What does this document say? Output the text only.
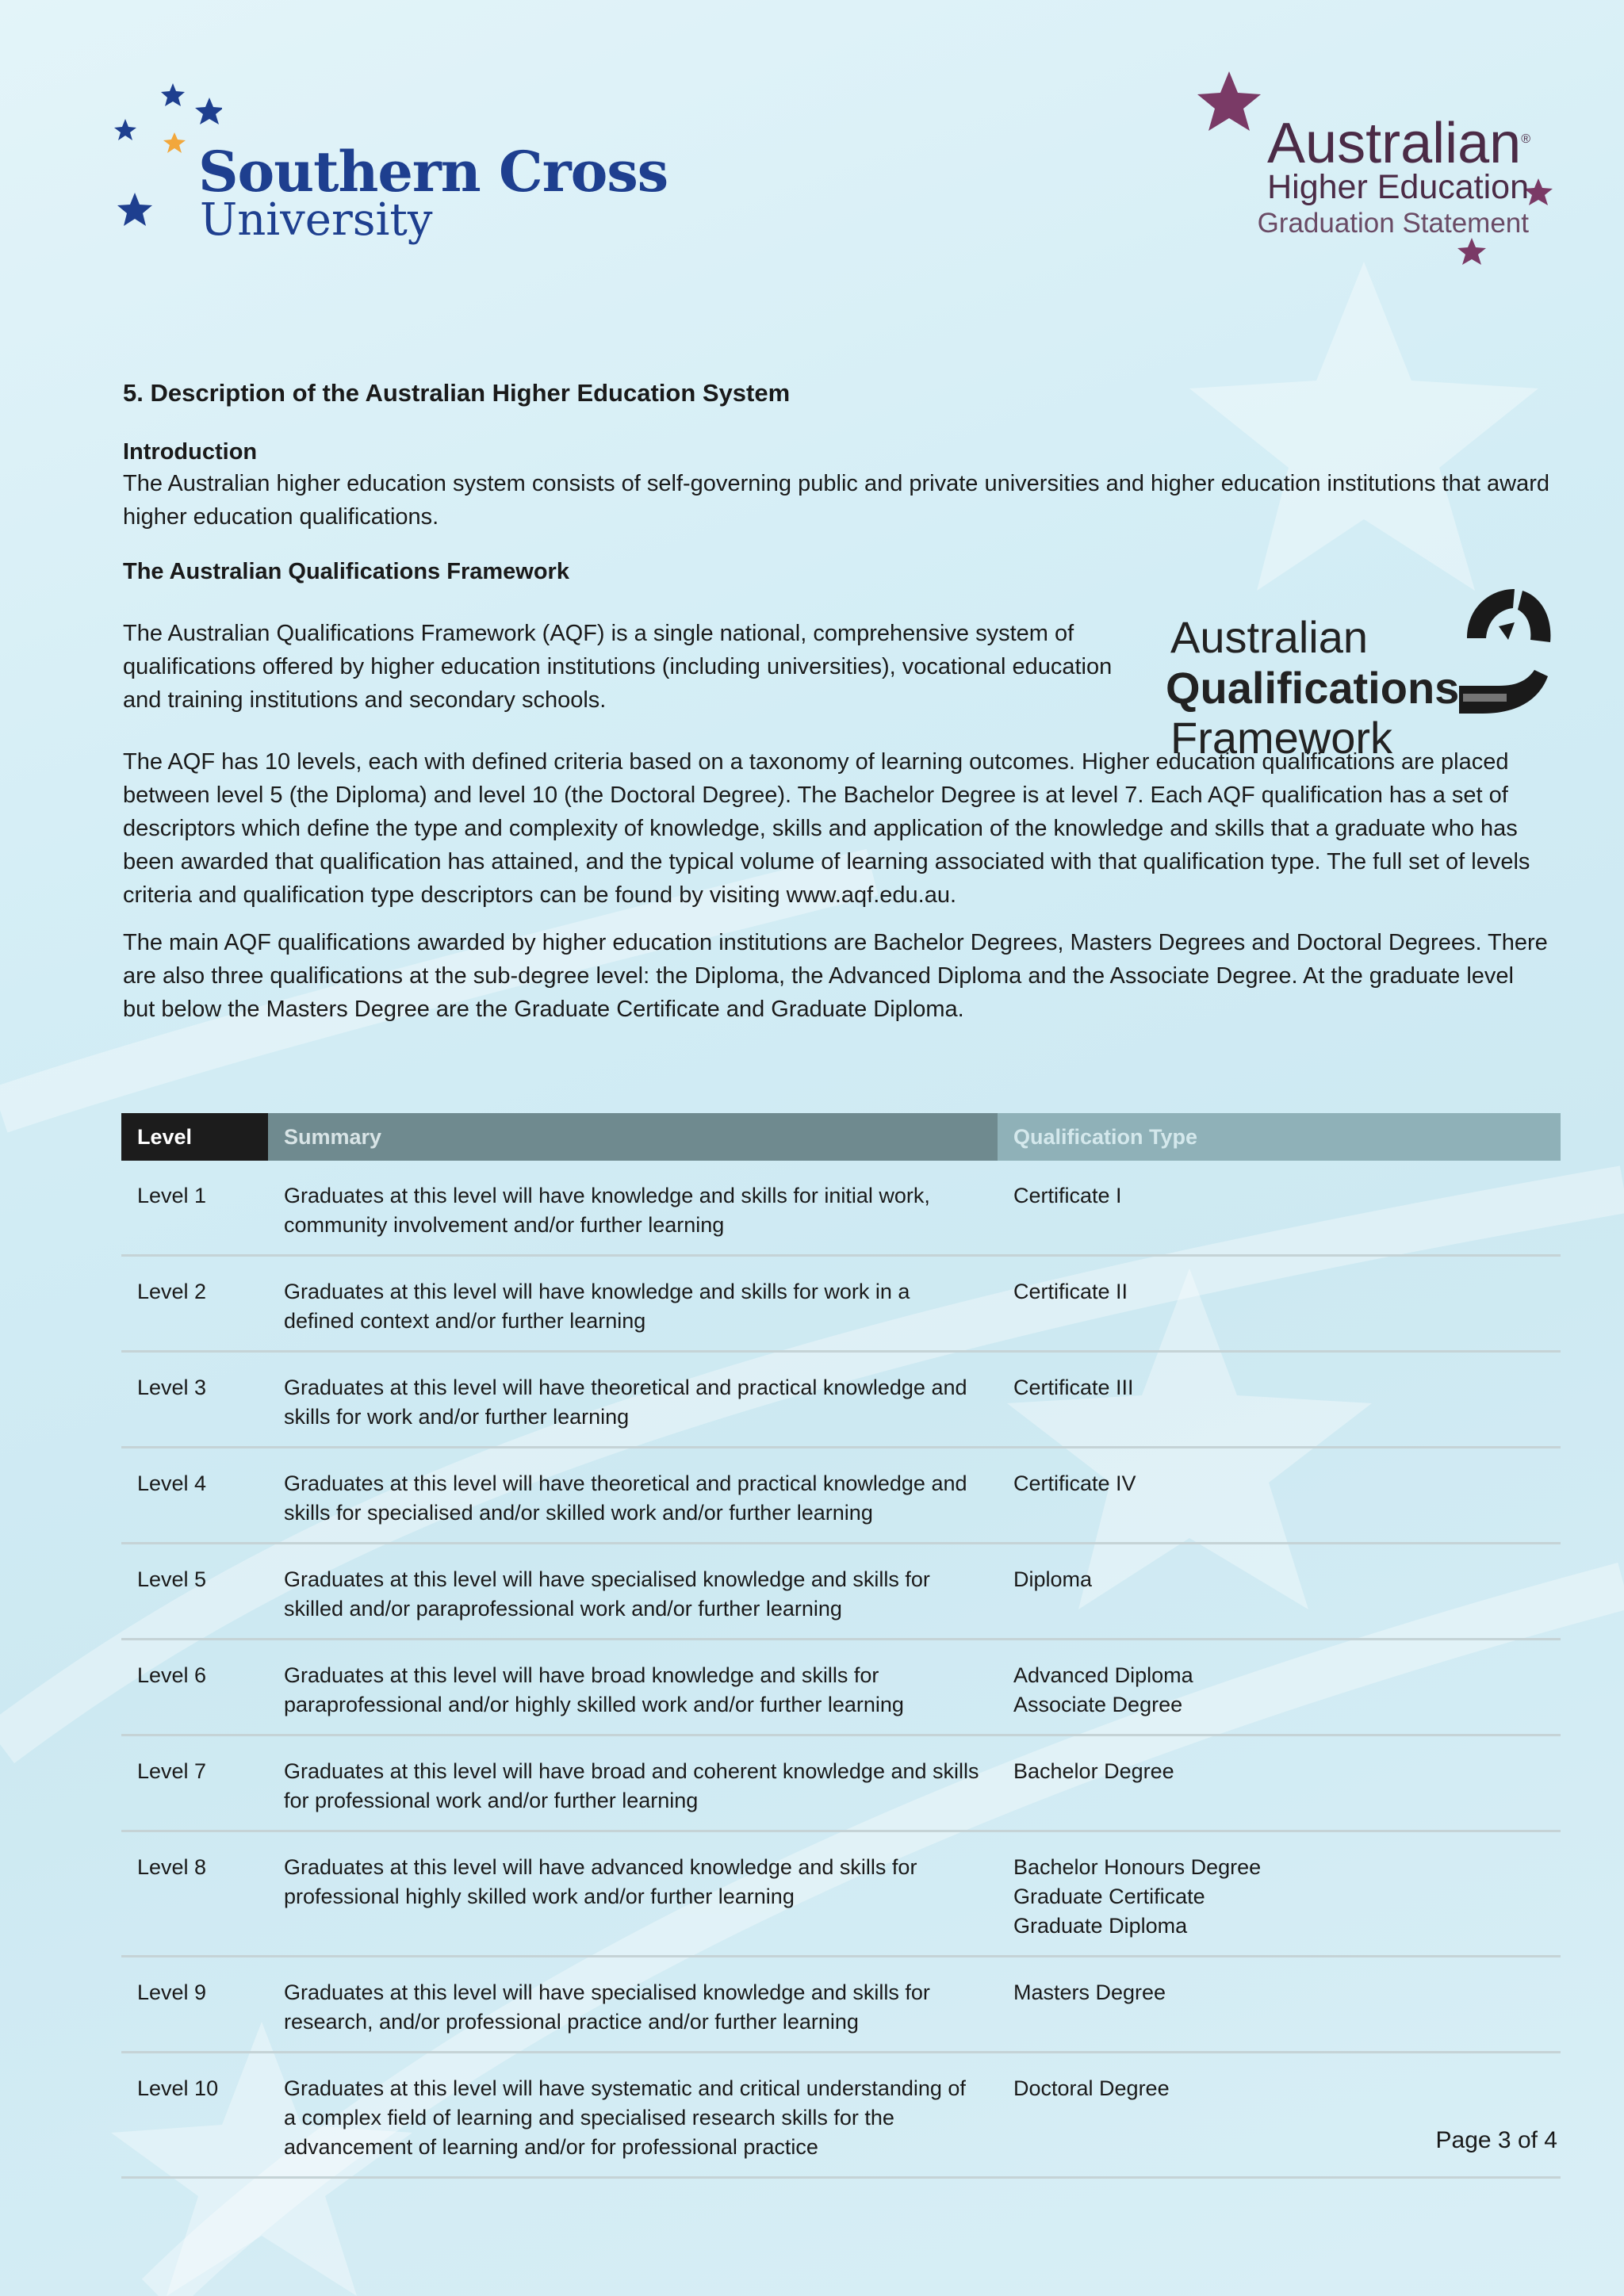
Southern Cross
University
Australian®
Higher Education
Graduation Statement
5. Description of the Australian Higher Education System
Introduction

The Australian higher education system consists of self-governing public and private universities and higher education institutions that award higher education qualifications.

The Australian Qualifications Framework

The Australian Qualifications Framework (AQF) is a single national, comprehensive system of qualifications offered by higher education institutions (including universities), vocational education and training institutions and secondary schools.

The AQF has 10 levels, each with defined criteria based on a taxonomy of learning outcomes. Higher education qualifications are placed between level 5 (the Diploma) and level 10 (the Doctoral Degree). The Bachelor Degree is at level 7. Each AQF qualification has a set of descriptors which define the type and complexity of knowledge, skills and application of the knowledge and skills that a graduate who has been awarded that qualification has attained, and the typical volume of learning associated with that qualification type. The full set of levels criteria and qualification type descriptors can be found by visiting www.aqf.edu.au.

The main AQF qualifications awarded by higher education institutions are Bachelor Degrees, Masters Degrees and Doctoral Degrees. There are also three qualifications at the sub-degree level: the Diploma, the Advanced Diploma and the Associate Degree. At the graduate level but below the Masters Degree are the Graduate Certificate and Graduate Diploma.

Australian
Qualifications
Framework
Level	Summary	Qualification Type
Level 1	Graduates at this level will have knowledge and skills for initial work, community involvement and/or further learning	Certificate I

Level 2	Graduates at this level will have knowledge and skills for work in a defined context and/or further learning	Certificate II

Level 3	Graduates at this level will have theoretical and practical knowledge and skills for work and/or further learning	Certificate III

Level 4	Graduates at this level will have theoretical and practical knowledge and skills for specialised and/or skilled work and/or further learning	Certificate IV

Level 5	Graduates at this level will have specialised knowledge and skills for skilled and/or paraprofessional work and/or further learning	Diploma

Level 6	Graduates at this level will have broad knowledge and skills for paraprofessional and/or highly skilled work and/or further learning	Advanced Diploma
Associate Degree

Level 7	Graduates at this level will have broad and coherent knowledge and skills for professional work and/or further learning	Bachelor Degree

Level 8	Graduates at this level will have advanced knowledge and skills for professional highly skilled work and/or further learning	Bachelor Honours Degree
Graduate Certificate
Graduate Diploma

Level 9	Graduates at this level will have specialised knowledge and skills for research, and/or professional practice and/or further learning	Masters Degree

Level 10	Graduates at this level will have systematic and critical understanding of a complex field of learning and specialised research skills for the advancement of learning and/or for professional practice	Doctoral Degree
Page 3 of 4
